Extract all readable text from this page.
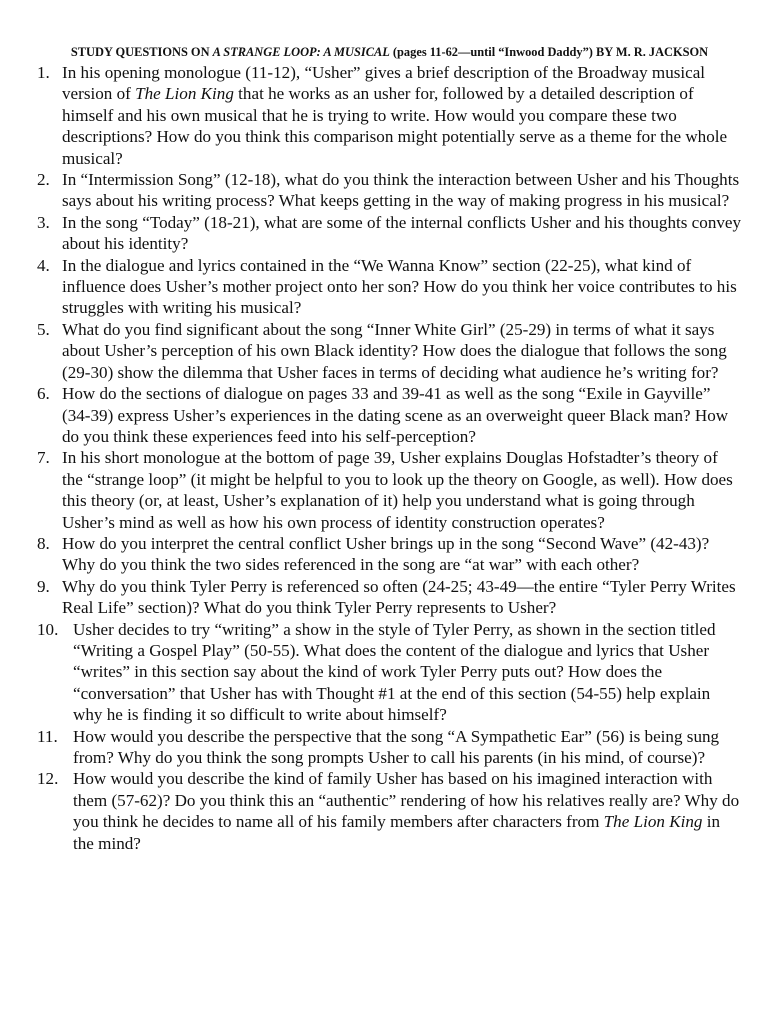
STUDY QUESTIONS ON A STRANGE LOOP: A MUSICAL (pages 11-62—until “Inwood Daddy”) BY M. R. JACKSON
1. In his opening monologue (11-12), “Usher” gives a brief description of the Broadway musical version of The Lion King that he works as an usher for, followed by a detailed description of himself and his own musical that he is trying to write. How would you compare these two descriptions? How do you think this comparison might potentially serve as a theme for the whole musical?
2. In “Intermission Song” (12-18), what do you think the interaction between Usher and his Thoughts says about his writing process? What keeps getting in the way of making progress in his musical?
3. In the song “Today” (18-21), what are some of the internal conflicts Usher and his thoughts convey about his identity?
4. In the dialogue and lyrics contained in the “We Wanna Know” section (22-25), what kind of influence does Usher’s mother project onto her son? How do you think her voice contributes to his struggles with writing his musical?
5. What do you find significant about the song “Inner White Girl” (25-29) in terms of what it says about Usher’s perception of his own Black identity? How does the dialogue that follows the song (29-30) show the dilemma that Usher faces in terms of deciding what audience he’s writing for?
6. How do the sections of dialogue on pages 33 and 39-41 as well as the song “Exile in Gayville” (34-39) express Usher’s experiences in the dating scene as an overweight queer Black man? How do you think these experiences feed into his self-perception?
7. In his short monologue at the bottom of page 39, Usher explains Douglas Hofstadter’s theory of the “strange loop” (it might be helpful to you to look up the theory on Google, as well). How does this theory (or, at least, Usher’s explanation of it) help you understand what is going through Usher’s mind as well as how his own process of identity construction operates?
8. How do you interpret the central conflict Usher brings up in the song “Second Wave” (42-43)? Why do you think the two sides referenced in the song are “at war” with each other?
9. Why do you think Tyler Perry is referenced so often (24-25; 43-49—the entire “Tyler Perry Writes Real Life” section)? What do you think Tyler Perry represents to Usher?
10. Usher decides to try “writing” a show in the style of Tyler Perry, as shown in the section titled “Writing a Gospel Play” (50-55). What does the content of the dialogue and lyrics that Usher “writes” in this section say about the kind of work Tyler Perry puts out? How does the “conversation” that Usher has with Thought #1 at the end of this section (54-55) help explain why he is finding it so difficult to write about himself?
11. How would you describe the perspective that the song “A Sympathetic Ear” (56) is being sung from? Why do you think the song prompts Usher to call his parents (in his mind, of course)?
12. How would you describe the kind of family Usher has based on his imagined interaction with them (57-62)? Do you think this an “authentic” rendering of how his relatives really are? Why do you think he decides to name all of his family members after characters from The Lion King in the mind?
